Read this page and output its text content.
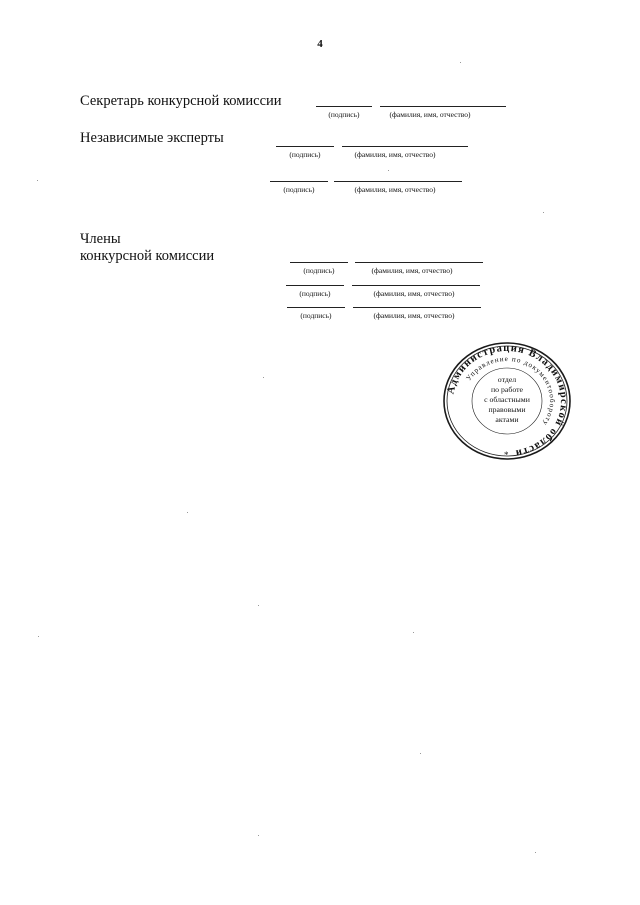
4
Секретарь конкурсной комиссии
(подпись)	(фамилия, имя, отчество)
Независимые эксперты
(подпись)	(фамилия, имя, отчество)
(подпись)	(фамилия, имя, отчество)
Члены
конкурсной комиссии
(подпись)	(фамилия, имя, отчество)
(подпись)	(фамилия, имя, отчество)
(подпись)	(фамилия, имя, отчество)
Администрация Владимирской области
Управление по документообороту
отдел
по работе
с областными
правовыми
актами
*
